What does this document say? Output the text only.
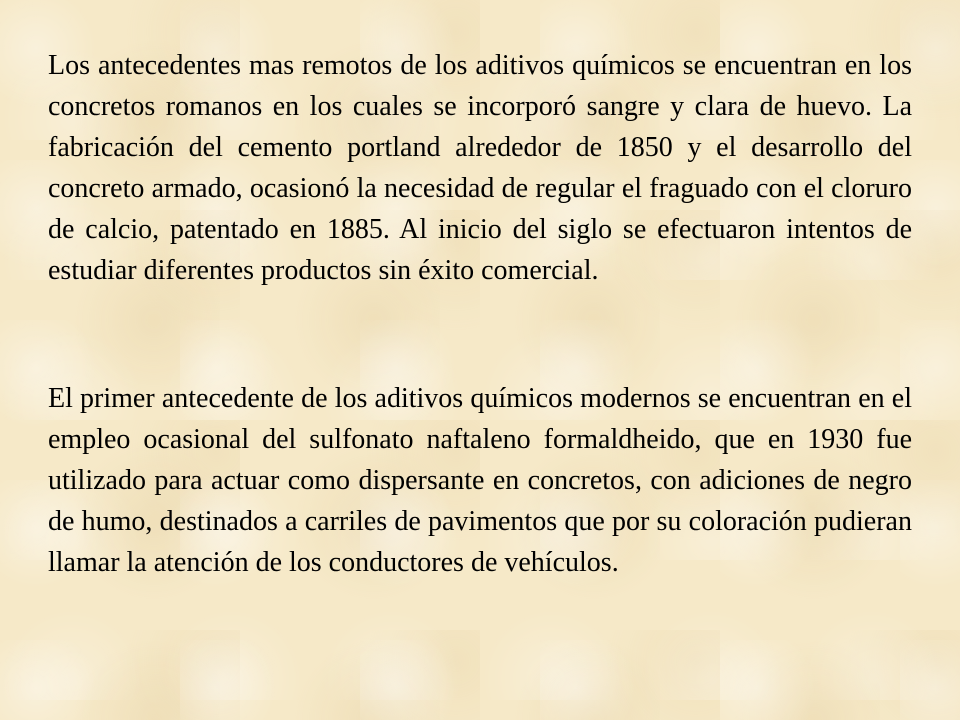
Los antecedentes mas remotos de los aditivos químicos se encuentran en los concretos romanos en los cuales se incorporó sangre y clara de huevo. La fabricación del cemento portland alrededor de 1850 y el desarrollo del concreto armado, ocasionó la necesidad de regular el fraguado con el cloruro de calcio, patentado en 1885. Al inicio del siglo se efectuaron intentos de estudiar diferentes productos sin éxito comercial.

El primer antecedente de los aditivos químicos modernos se encuentran en el empleo ocasional del sulfonato naftaleno formaldheido, que en 1930 fue utilizado para actuar como dispersante en concretos, con adiciones de negro de humo, destinados a carriles de pavimentos que por su coloración pudieran llamar la atención de los conductores de vehículos.
